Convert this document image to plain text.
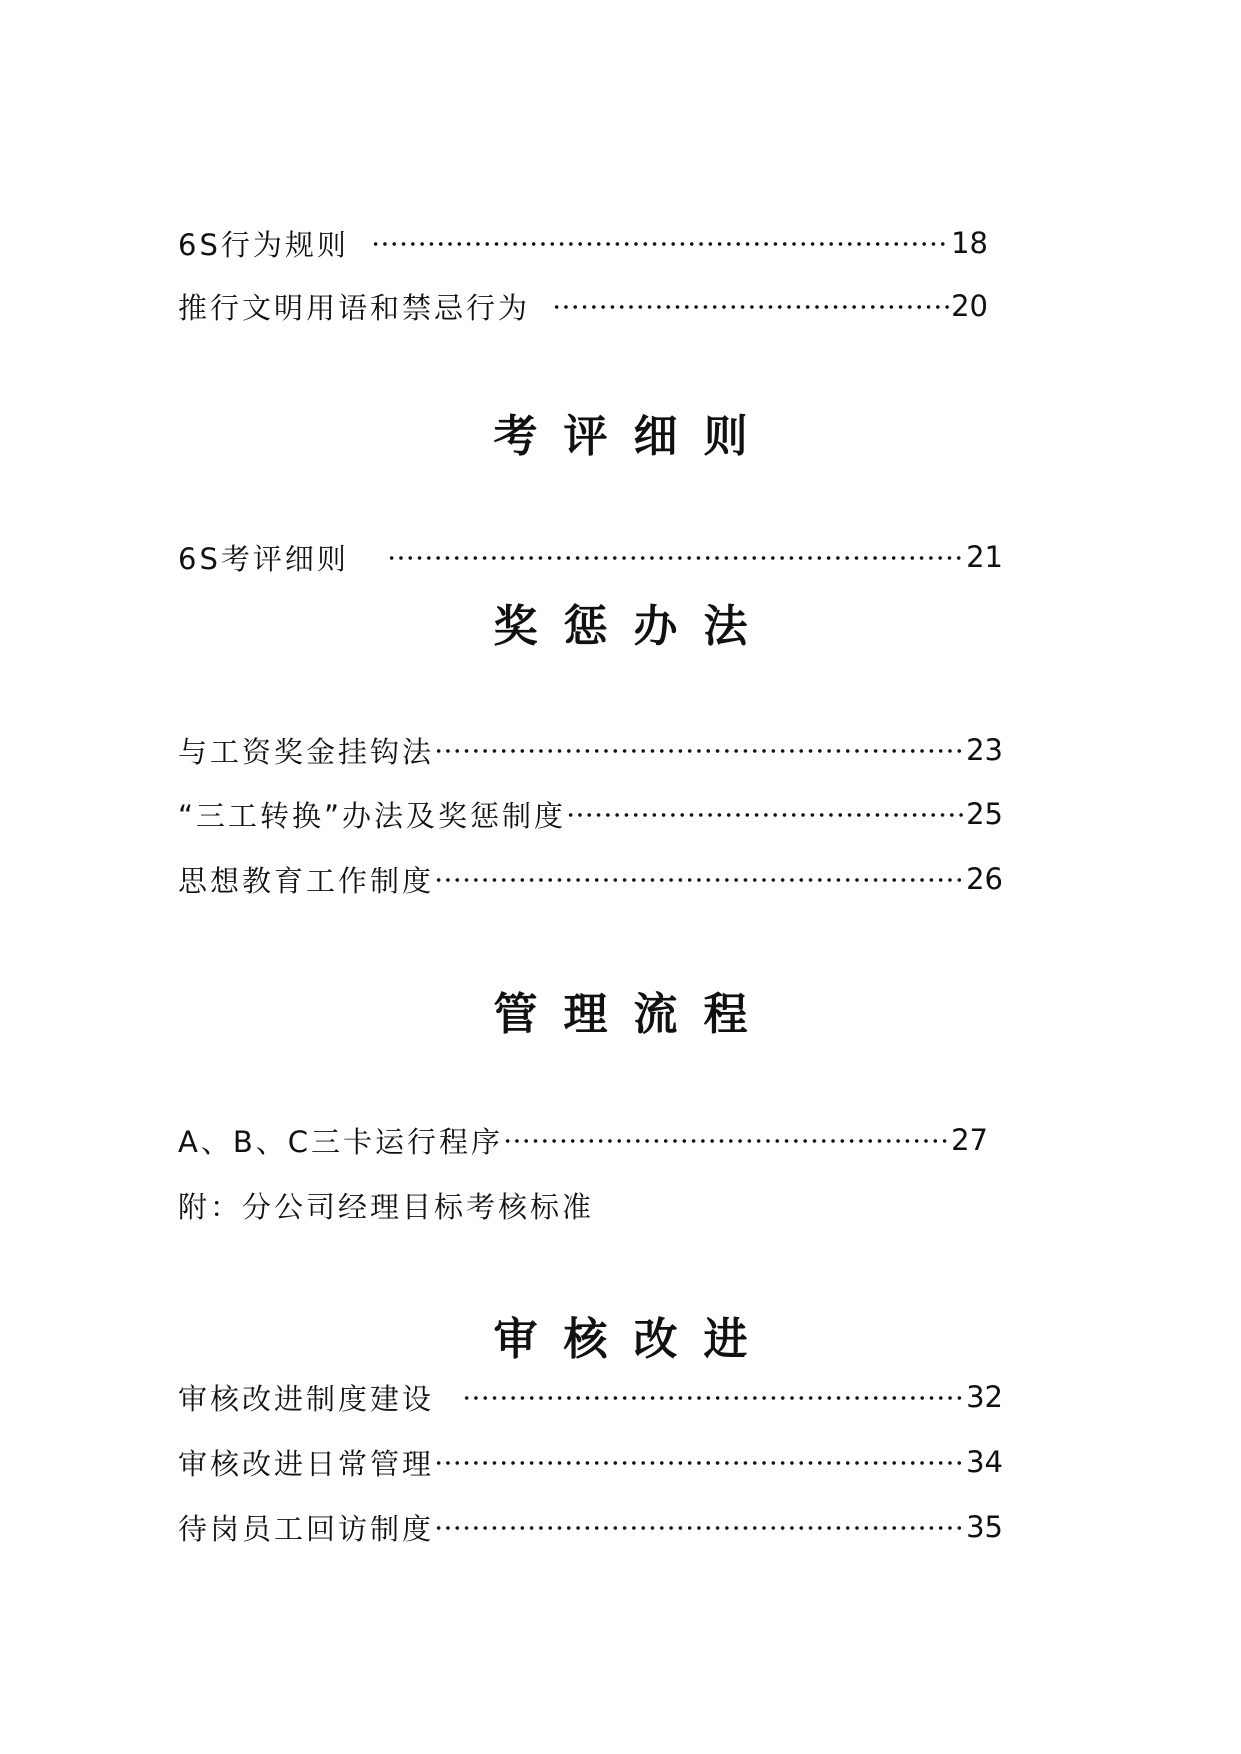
6S行为规则	18
推行文明用语和禁忌行为	20
考评细则
6S考评细则	21
奖惩办法
与工资奖金挂钩法	23
“三工转换”办法及奖惩制度	25
思想教育工作制度	26
管理流程
A、B、C三卡运行程序	27
附：分公司经理目标考核标准
审核改进
审核改进制度建设	32
审核改进日常管理	34
待岗员工回访制度	35
